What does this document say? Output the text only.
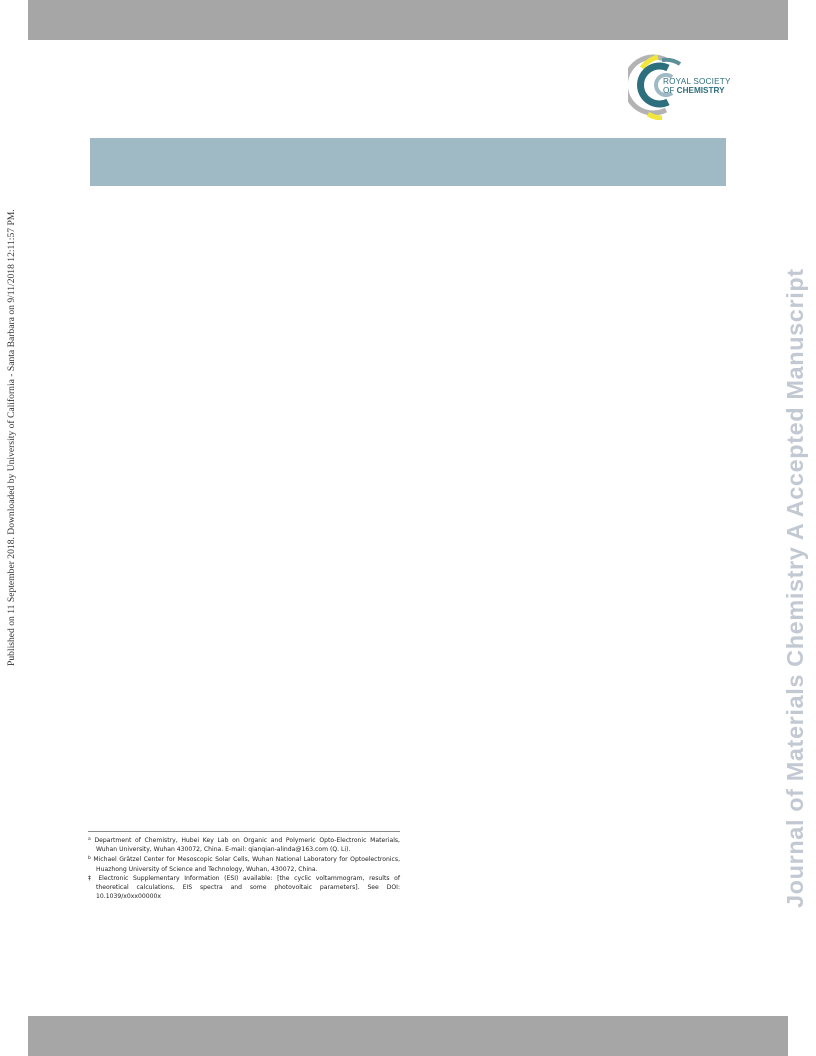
Published on 11 September 2018. Downloaded by University of California - Santa Barbara on 9/11/2018 12:11:57 PM.	Journal of Materials Chemistry A Accepted Manuscript
ROYAL SOCIETY
OF CHEMISTRY

$^a$ Department of Chemistry, Hubei Key Lab on Organic and Polymeric Opto-Electronic Materials, Wuhan University, Wuhan 430072, China. E-mail: qianqian-alinda@163.com (Q. Li).

$^b$ Michael Grätzel Center for Mesoscopic Solar Cells, Wuhan National Laboratory for Optoelectronics, Huazhong University of Science and Technology, Wuhan, 430072, China.

‡ Electronic Supplementary Information (ESI) available: [the cyclic voltammogram, results of theoretical calculations, EIS spectra and some photovoltaic parameters]. See DOI: 10.1039/x0xx00000x
